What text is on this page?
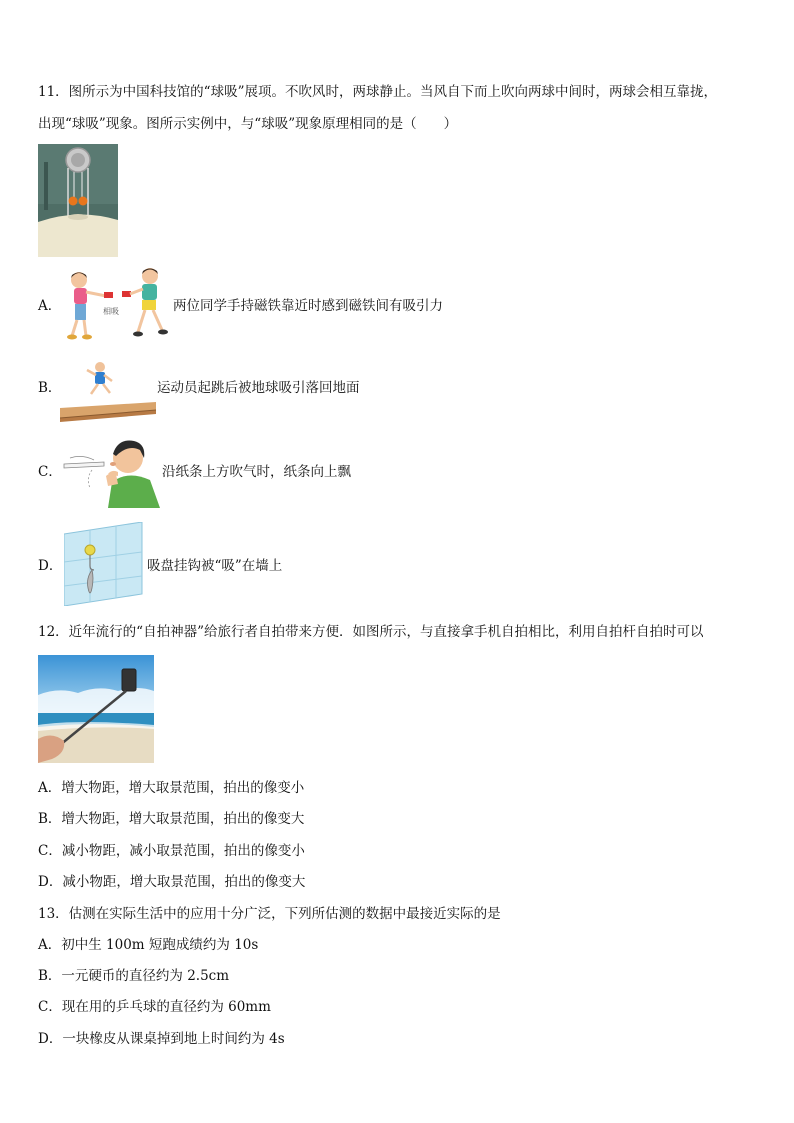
11．图所示为中国科技馆的“球吸”展项。不吹风时，两球静止。当风自下而上吹向两球中间时，两球会相互靠拢，
出现“球吸”现象。图所示实例中，与“球吸”现象原理相同的是（　　）
A．	相吸	两位同学手持磁铁靠近时感到磁铁间有吸引力
B．	运动员起跳后被地球吸引落回地面
C．	沿纸条上方吹气时，纸条向上飘
D．	吸盘挂钩被“吸”在墙上
12．近年流行的“自拍神器”给旅行者自拍带来方便．如图所示，与直接拿手机自拍相比，利用自拍杆自拍时可以
A．增大物距，增大取景范围，拍出的像变小
B．增大物距，增大取景范围，拍出的像变大
C．减小物距，减小取景范围，拍出的像变小
D．减小物距，增大取景范围，拍出的像变大
13．估测在实际生活中的应用十分广泛，下列所估测的数据中最接近实际的是
A．初中生 100m 短跑成绩约为 10s
B．一元硬币的直径约为 2.5cm
C．现在用的乒乓球的直径约为 60mm
D．一块橡皮从课桌掉到地上时间约为 4s
